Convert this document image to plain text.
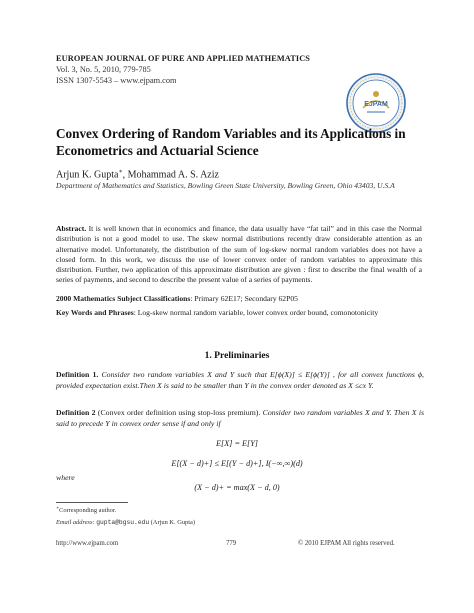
EUROPEAN JOURNAL OF PURE AND APPLIED MATHEMATICS
Vol. 3, No. 5, 2010, 779-785
ISSN 1307-5543 – www.ejpam.com
EJPAM
Convex Ordering of Random Variables and its Applications in Econometrics and Actuarial Science
Arjun K. Gupta∗, Mohammad A. S. Aziz
Department of Mathematics and Statistics, Bowling Green State University, Bowling Green, Ohio 43403, U.S.A
Abstract. It is well known that in economics and finance, the data usually have “fat tail” and in this case the Normal distribution is not a good model to use. The skew normal distributions recently draw considerable attention as an alternative model. Unfortunately, the distribution of the sum of log-skew normal random variables does not have a closed form. In this work, we discuss the use of lower convex order of random variables to approximate this distribution. Further, two application of this approximate distribution are given : first to describe the final wealth of a series of payments, and second to describe the present value of a series of payments.
2000 Mathematics Subject Classifications: Primary 62E17; Secondary 62P05
Key Words and Phrases: Log-skew normal random variable, lower convex order bound, comonotonicity
1. Preliminaries
Definition 1. Consider two random variables X and Y such that E[ϕ(X)] ≤ E[ϕ(Y)] , for all convex functions ϕ, provided expectation exist.Then X is said to be smaller than Y in the convex order denoted as X ≤cx Y.
Definition 2 (Convex order definition using stop-loss premium). Consider two random variables X and Y. Then X is said to precede Y in convex order sense if and only if
E[X] = E[Y]
E[(X − d)+] ≤ E[(Y − d)+], I(−∞,∞)(d)
where
(X − d)+ = max(X − d, 0)
∗Corresponding author.
Email address: gupta@bgsu.edu (Arjun K. Gupta)
http://www.ejpam.com	779	© 2010 EJPAM All rights reserved.
